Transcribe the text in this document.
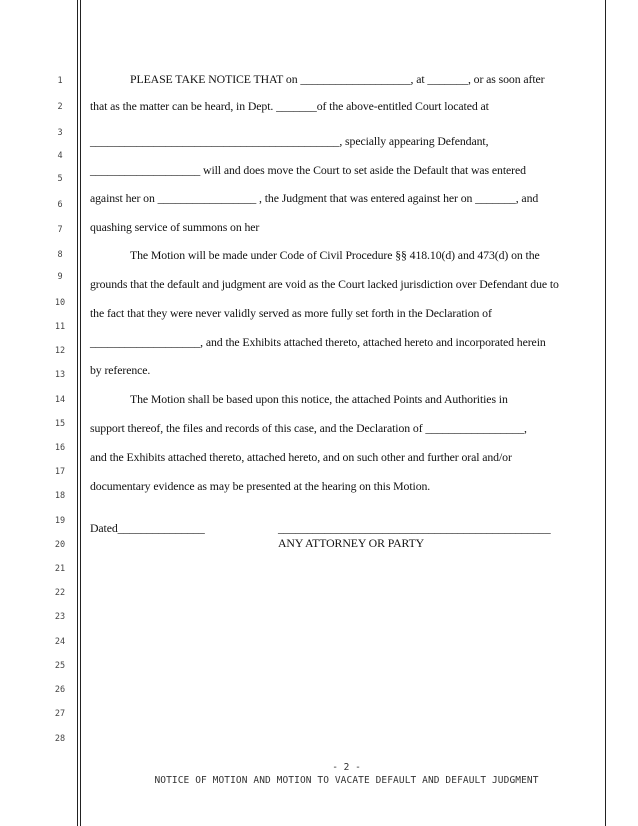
1
2
3
4
5
6
7
8
9
10
11
12
13
14
15
16
17
18
19
20
21
22
23
24
25
26
27
28
PLEASE TAKE NOTICE THAT on ___________________, at _______, or as soon after
that as the matter can be heard, in Dept. _______of the above-entitled Court located at
___________________________________________, specially appearing Defendant,
___________________ will and does move the Court to set aside the Default that was entered
against her on _________________ , the Judgment that was entered against her on _______, and
quashing service of summons on her
The Motion will be made under Code of Civil Procedure §§ 418.10(d) and 473(d) on the
grounds that the default and judgment are void as the Court lacked jurisdiction over Defendant due to
the fact that they were never validly served as more fully set forth in the Declaration of
___________________, and the Exhibits attached thereto, attached hereto and incorporated herein
by reference.
The Motion shall be based upon this notice, the attached Points and Authorities in
support thereof, the files and records of this case, and the Declaration of _________________,
and the Exhibits attached thereto, attached hereto, and on such other and further oral and/or
documentary evidence as may be presented at the hearing on this Motion.
Dated_______________	_______________________________________________
ANY ATTORNEY OR PARTY
- 2 -
NOTICE OF MOTION AND MOTION TO VACATE DEFAULT AND DEFAULT JUDGMENT
